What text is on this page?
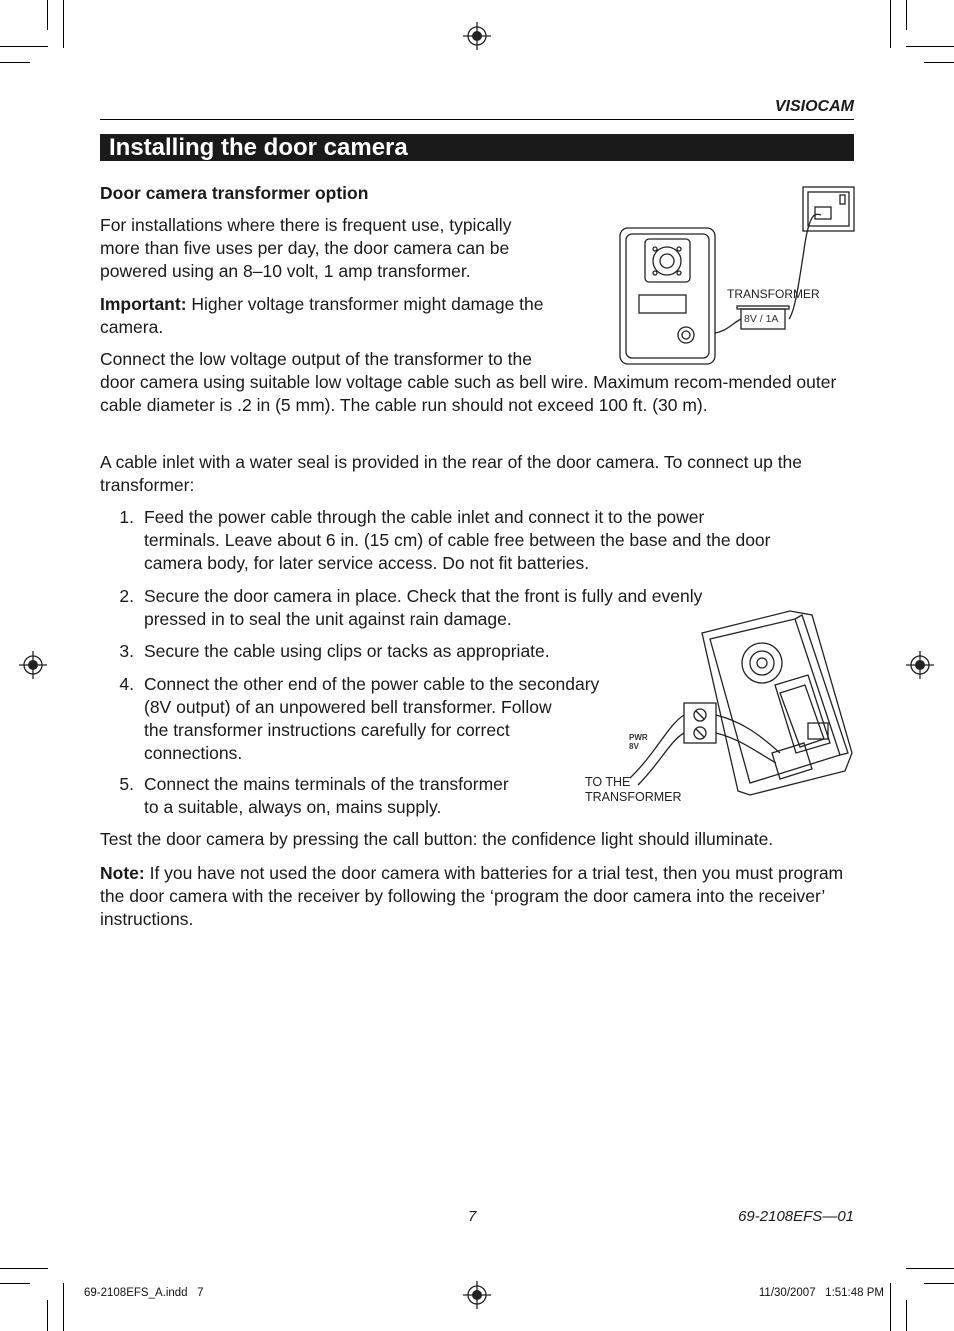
VISIOCAM
Installing the door camera
Door camera transformer option
For installations where there is frequent use, typically
more than five uses per day, the door camera can be
powered using an 8–10 volt, 1 amp transformer.
Important: Higher voltage transformer might damage the
camera.
Connect the low voltage output of the transformer to the
door camera using suitable low voltage cable such as bell wire. Maximum recom-mended outer cable diameter is .2 in (5 mm). The cable run should not exceed 100 ft. (30 m).
A cable inlet with a water seal is provided in the rear of the door camera. To connect up the transformer:
1. Feed the power cable through the cable inlet and connect it to the power
terminals. Leave about 6 in. (15 cm) of cable free between the base and the door
camera body, for later service access. Do not fit batteries.
2. Secure the door camera in place. Check that the front is fully and evenly
pressed in to seal the unit against rain damage.
3. Secure the cable using clips or tacks as appropriate.
4. Connect the other end of the power cable to the secondary
(8V output) of an unpowered bell transformer. Follow
the transformer instructions carefully for correct
connections.
5. Connect the mains terminals of the transformer
to a suitable, always on, mains supply.
Test the door camera by pressing the call button: the confidence light should illuminate.
Note: If you have not used the door camera with batteries for a trial test, then you must program the door camera with the receiver by following the ‘program the door camera into the receiver’ instructions.
TRANSFORMER
8V / 1A
PWR
8V
TO THE
TRANSFORMER
7	69-2108EFS—01
69-2108EFS_A.indd   7	11/30/2007   1:51:48 PM
